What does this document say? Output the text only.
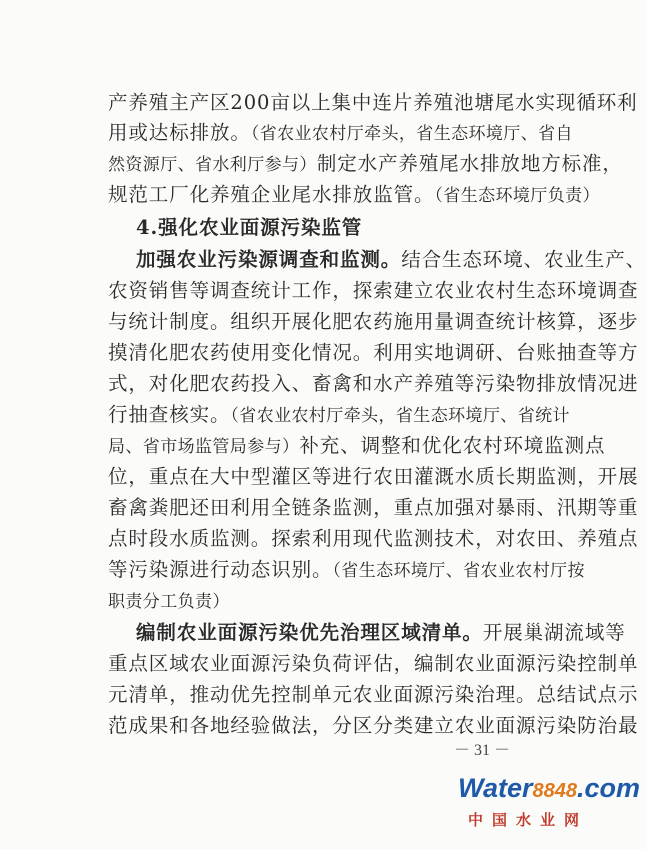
产养殖主产区200亩以上集中连片养殖池塘尾水实现循环利
用或达标排放。（省农业农村厅牵头，省生态环境厅、省自
然资源厅、省水利厅参与）制定水产养殖尾水排放地方标准，
规范工厂化养殖企业尾水排放监管。（省生态环境厅负责）
4.强化农业面源污染监管
加强农业污染源调查和监测。结合生态环境、农业生产、
农资销售等调查统计工作，探索建立农业农村生态环境调查
与统计制度。组织开展化肥农药施用量调查统计核算，逐步
摸清化肥农药使用变化情况。利用实地调研、台账抽查等方
式，对化肥农药投入、畜禽和水产养殖等污染物排放情况进
行抽查核实。（省农业农村厅牵头，省生态环境厅、省统计
局、省市场监管局参与）补充、调整和优化农村环境监测点
位，重点在大中型灌区等进行农田灌溉水质长期监测，开展
畜禽粪肥还田利用全链条监测，重点加强对暴雨、汛期等重
点时段水质监测。探索利用现代监测技术，对农田、养殖点
等污染源进行动态识别。（省生态环境厅、省农业农村厅按
职责分工负责）
编制农业面源污染优先治理区域清单。开展巢湖流域等
重点区域农业面源污染负荷评估，编制农业面源污染控制单
元清单，推动优先控制单元农业面源污染治理。总结试点示
范成果和各地经验做法，分区分类建立农业面源污染防治最
－ 31 －
Water8848.com
中国水业网
